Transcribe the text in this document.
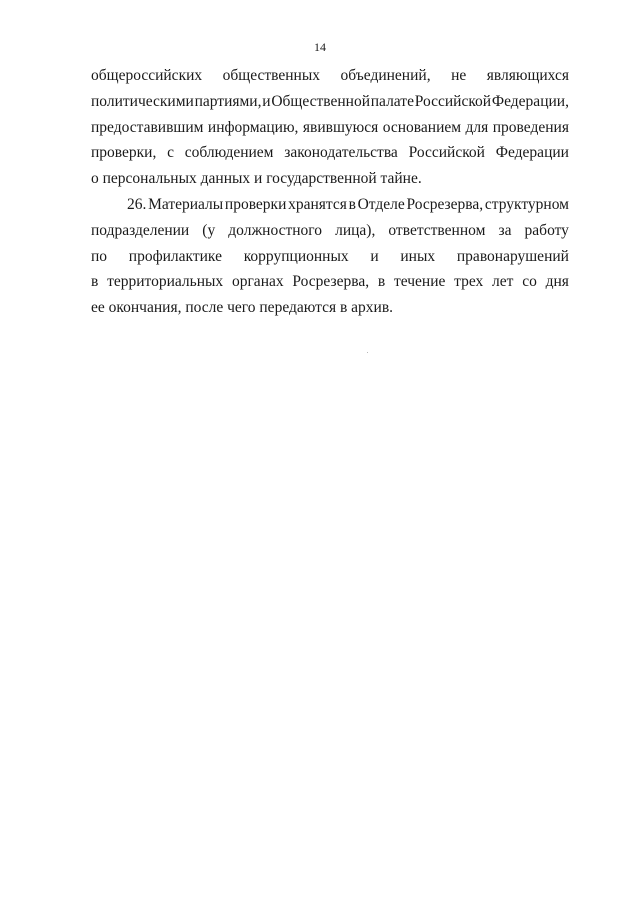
14
общероссийских общественных объединений, не являющихся
политическими партиями, и Общественной палате Российской Федерации,
предоставившим информацию, явившуюся основанием для проведения
проверки, с соблюдением законодательства Российской Федерации
о персональных данных и государственной тайне.
26. Материалы проверки хранятся в Отделе Росрезерва, структурном
подразделении (у должностного лица), ответственном за работу
по профилактике коррупционных и иных правонарушений
в территориальных органах Росрезерва, в течение трех лет со дня
ее окончания, после чего передаются в архив.
